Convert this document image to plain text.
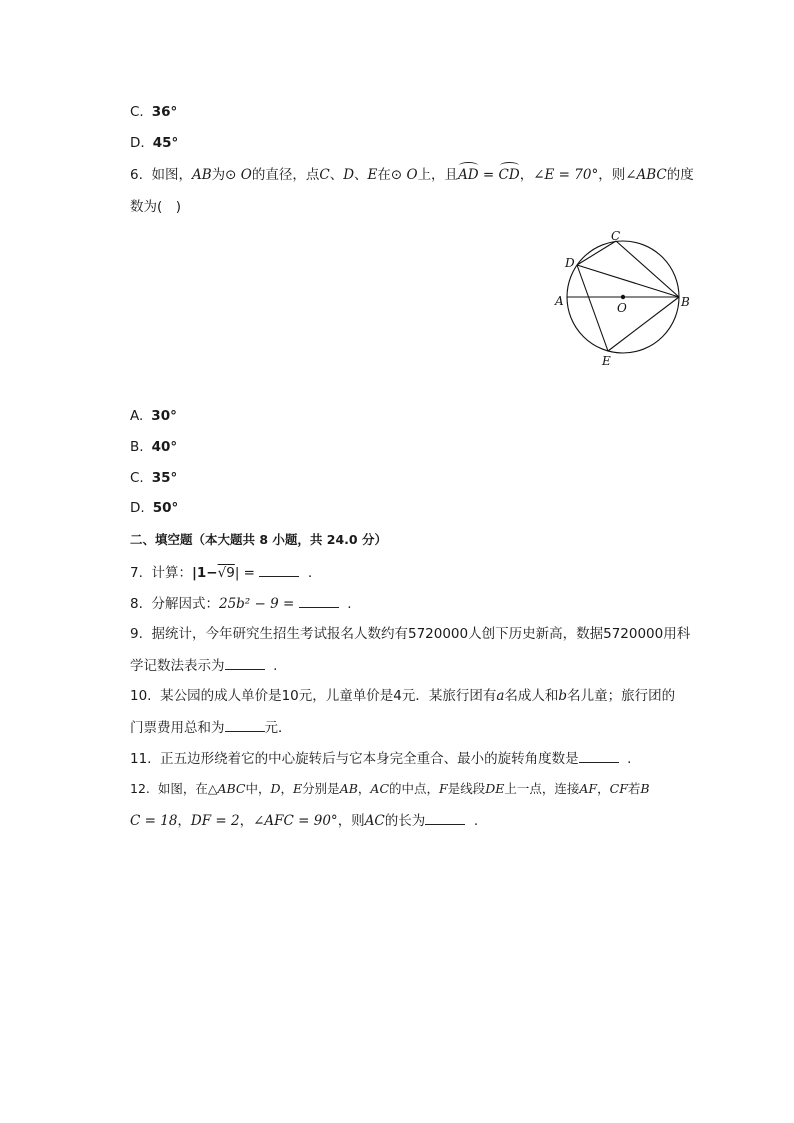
C. 36°
D. 45°
6. 如图，AB为⊙ O的直径，点C、D、E在⊙ O上，且AD = CD，∠E = 70°，则∠ABC的度
数为(　)
C
D
A	O	B
E
A. 30°
B. 40°
C. 35°
D. 50°
二、填空题（本大题共 8 小题，共 24.0 分）
7. 计算：|1−√9| =	.
8. 分解因式：25b² − 9 =	.
9. 据统计，今年研究生招生考试报名人数约有5720000人创下历史新高，数据5720000用科
学记数法表示为	.
10. 某公园的成人单价是10元，儿童单价是4元．某旅行团有a名成人和b名儿童；旅行团的
门票费用总和为	元．
11. 正五边形绕着它的中心旋转后与它本身完全重合、最小的旋转角度数是	.
12. 如图，在△ABC中，D，E分别是AB，AC的中点，F是线段DE上一点，连接AF，CF若B
C = 18，DF = 2，∠AFC = 90°，则AC的长为	.
